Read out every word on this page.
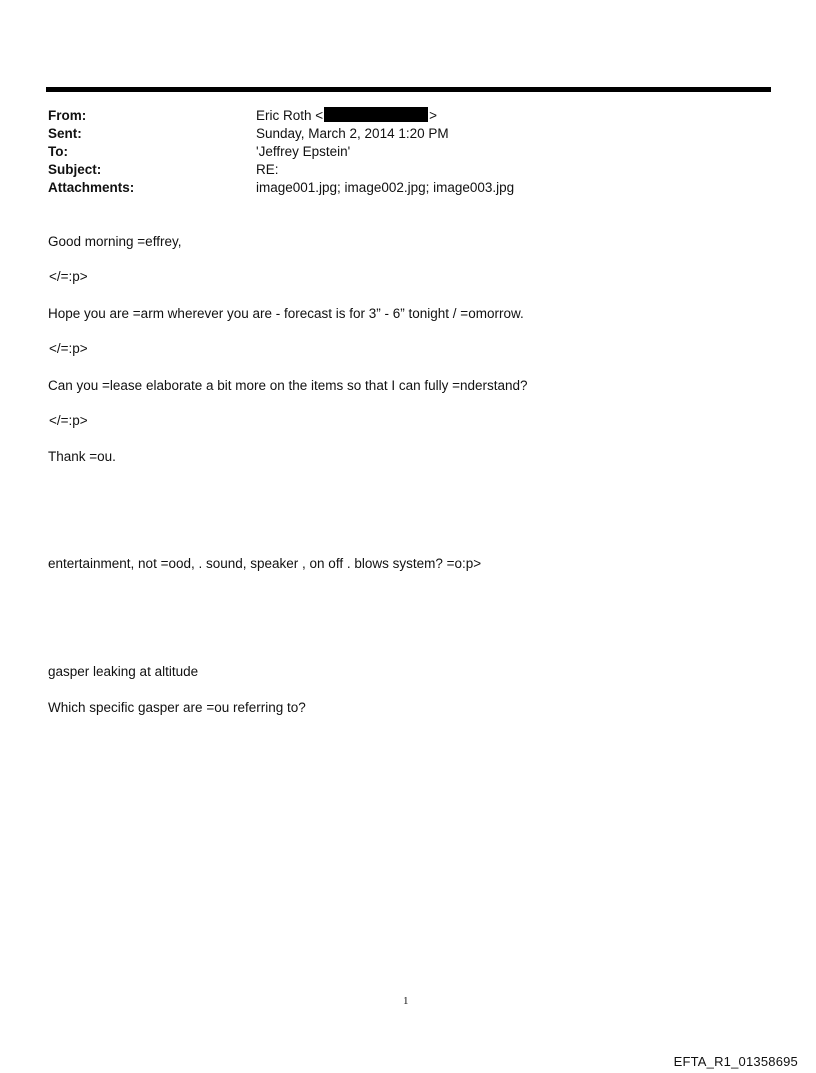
From:	Eric Roth <	>
Sent:	Sunday, March 2, 2014 1:20 PM
To:	'Jeffrey Epstein'
Subject:	RE:
Attachments:	image001.jpg; image002.jpg; image003.jpg
Good morning =effrey,
</=:p>
Hope you are =arm wherever you are - forecast is for 3” - 6” tonight / =omorrow.
</=:p>
Can you =lease elaborate a bit more on the items so that I can fully =nderstand?
</=:p>
Thank =ou.
entertainment, not =ood, . sound, speaker , on off . blows system? =o:p>
gasper leaking at altitude
Which specific gasper are =ou referring to?
1
EFTA_R1_01358695
